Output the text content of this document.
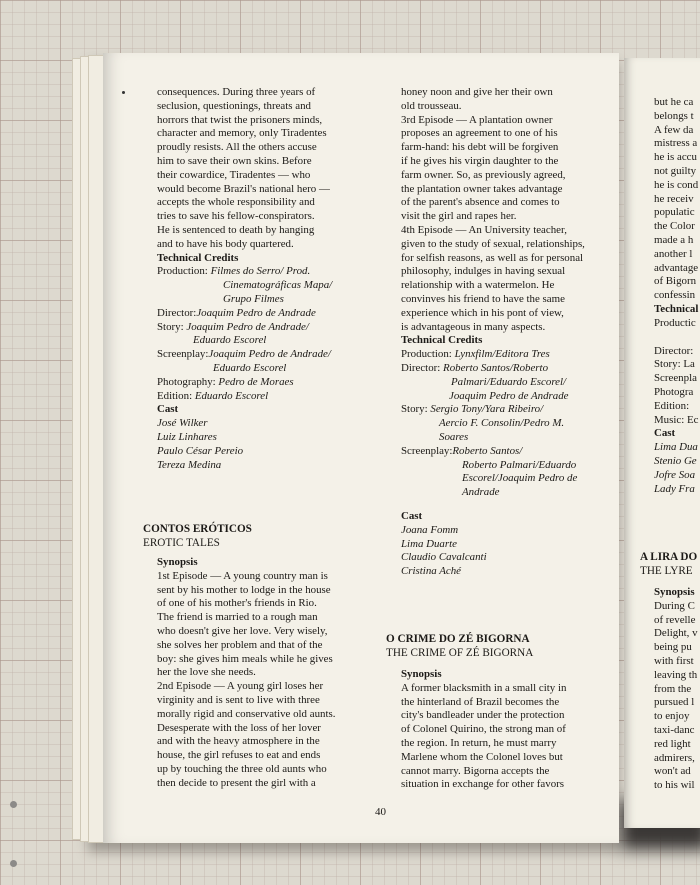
consequences. During three years of

seclusion, questionings, threats and

horrors that twist the prisoners minds,

character and memory, only Tiradentes

proudly resists. All the others accuse

him to save their own skins. Before

their cowardice, Tiradentes — who

would become Brazil's national hero —

accepts the whole responsibility and

tries to save his fellow-conspirators.

He is sentenced to death by hanging

and to have his body quartered.

Technical Credits

Production: Filmes do Serro/ Prod.

Cinematográficas Mapa/

Grupo Filmes

Director:Joaquim Pedro de Andrade

Story: Joaquim Pedro de Andrade/

Eduardo Escorel

Screenplay:Joaquim Pedro de Andrade/

Eduardo Escorel

Photography: Pedro de Moraes

Edition: Eduardo Escorel

Cast

José Wilker

Luiz Linhares

Paulo César Pereio

Tereza Medina

CONTOS ERÓTICOS

EROTIC TALES

Synopsis

1st Episode — A young country man is

sent by his mother to lodge in the house

of one of his mother's friends in Rio.

The friend is married to a rough man

who doesn't give her love. Very wisely,

she solves her problem and that of the

boy: she gives him meals while he gives

her the love she needs.

2nd Episode — A young girl loses her

virginity and is sent to live with three

morally rigid and conservative old aunts.

Desesperate with the loss of her lover

and with the heavy atmosphere in the

house, the girl refuses to eat and ends

up by touching the three old aunts who

then decide to present the girl with a

honey noon and give her their own

old trousseau.

3rd Episode — A plantation owner

proposes an agreement to one of his

farm-hand: his debt will be forgiven

if he gives his virgin daughter to the

farm owner. So, as previously agreed,

the plantation owner takes advantage

of the parent's absence and comes to

visit the girl and rapes her.

4th Episode — An University teacher,

given to the study of sexual, relationships,

for selfish reasons, as well as for personal

philosophy, indulges in having sexual

relationship with a watermelon. He

convinves his friend to have the same

experience which in his pont of view,

is advantageous in many aspects.

Technical Credits

Production: Lynxfilm/Editora Tres

Director: Roberto Santos/Roberto

Palmari/Eduardo Escorel/

Joaquim Pedro de Andrade

Story: Sergio Tony/Yara Ribeiro/

Aercio F. Consolin/Pedro M.

Soares

Screenplay:Roberto Santos/

Roberto Palmari/Eduardo

Escorel/Joaquim Pedro de

Andrade

Cast

Joana Fomm

Lima Duarte

Claudio Cavalcanti

Cristina Aché

O CRIME DO ZÉ BIGORNA

THE CRIME OF ZÉ BIGORNA

Synopsis

A former blacksmith in a small city in

the hinterland of Brazil becomes the

city's bandleader under the protection

of Colonel Quirino, the strong man of

the region. In return, he must marry

Marlene whom the Colonel loves but

cannot marry. Bigorna accepts the

situation in exchange for other favors

40

but he ca

belongs t

A few da

mistress a

he is accu

not guilty

he is cond

he receiv

populatic

the Color

made a h

another l

advantage

of Bigorn

confessin

Technical

Productic

Director:

Story: La

Screenpla

Photogra

Edition:

Music: Ec

Cast

Lima Dua

Stenio Ge

Jofre Soa

Lady Fra

A LIRA DO

THE LYRE

Synopsis

During C

of revelle

Delight, v

being pu

with first

leaving th

from the

pursued l

to enjoy

taxi-danc

red light

admirers,

won't ad

to his wil
